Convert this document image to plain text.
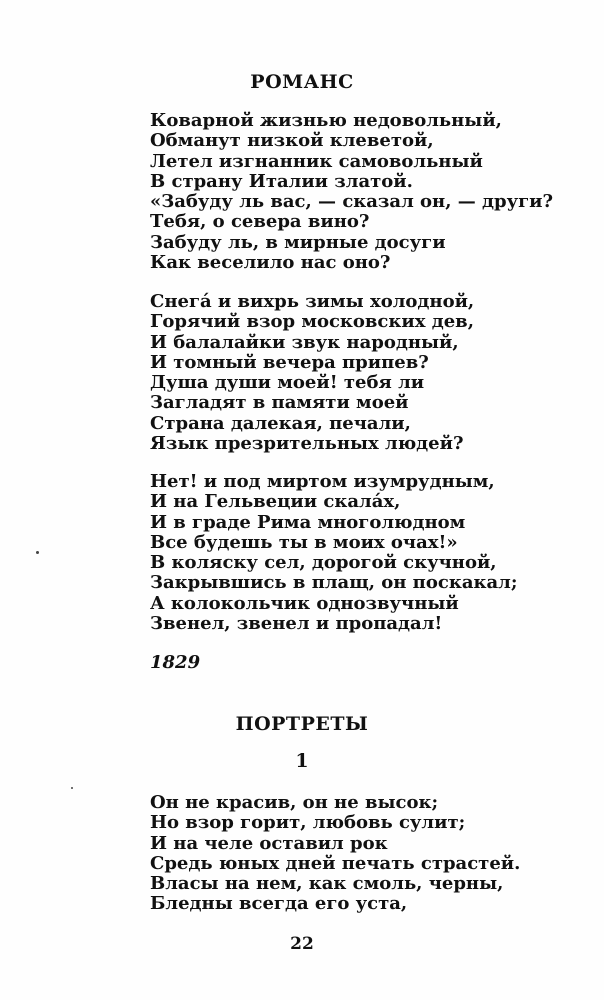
РОМАНС
Коварной жизнью недовольный,
Обманут низкой клеветой,
Летел изгнанник самовольный
В страну Италии златой.
«Забуду ль вас, — сказал он, — други?
Тебя, о севера вино?
Забуду ль, в мирные досуги
Как веселило нас оно?
Снега́ и вихрь зимы холодной,
Горячий взор московских дев,
И балалайки звук народный,
И томный вечера припев?
Душа души моей! тебя ли
Загладят в памяти моей
Страна далекая, печали,
Язык презрительных людей?
Нет! и под миртом изумрудным,
И на Гельвеции скала́х,
И в граде Рима многолюдном
Все будешь ты в моих очах!»
В коляску сел, дорогой скучной,
Закрывшись в плащ, он поскакал;
А колокольчик однозвучный
Звенел, звенел и пропадал!
1829
ПОРТРЕТЫ
1
Он не красив, он не высок;
Но взор горит, любовь сулит;
И на челе оставил рок
Средь юных дней печать страстей.
Власы на нем, как смоль, черны,
Бледны всегда его уста,
22
